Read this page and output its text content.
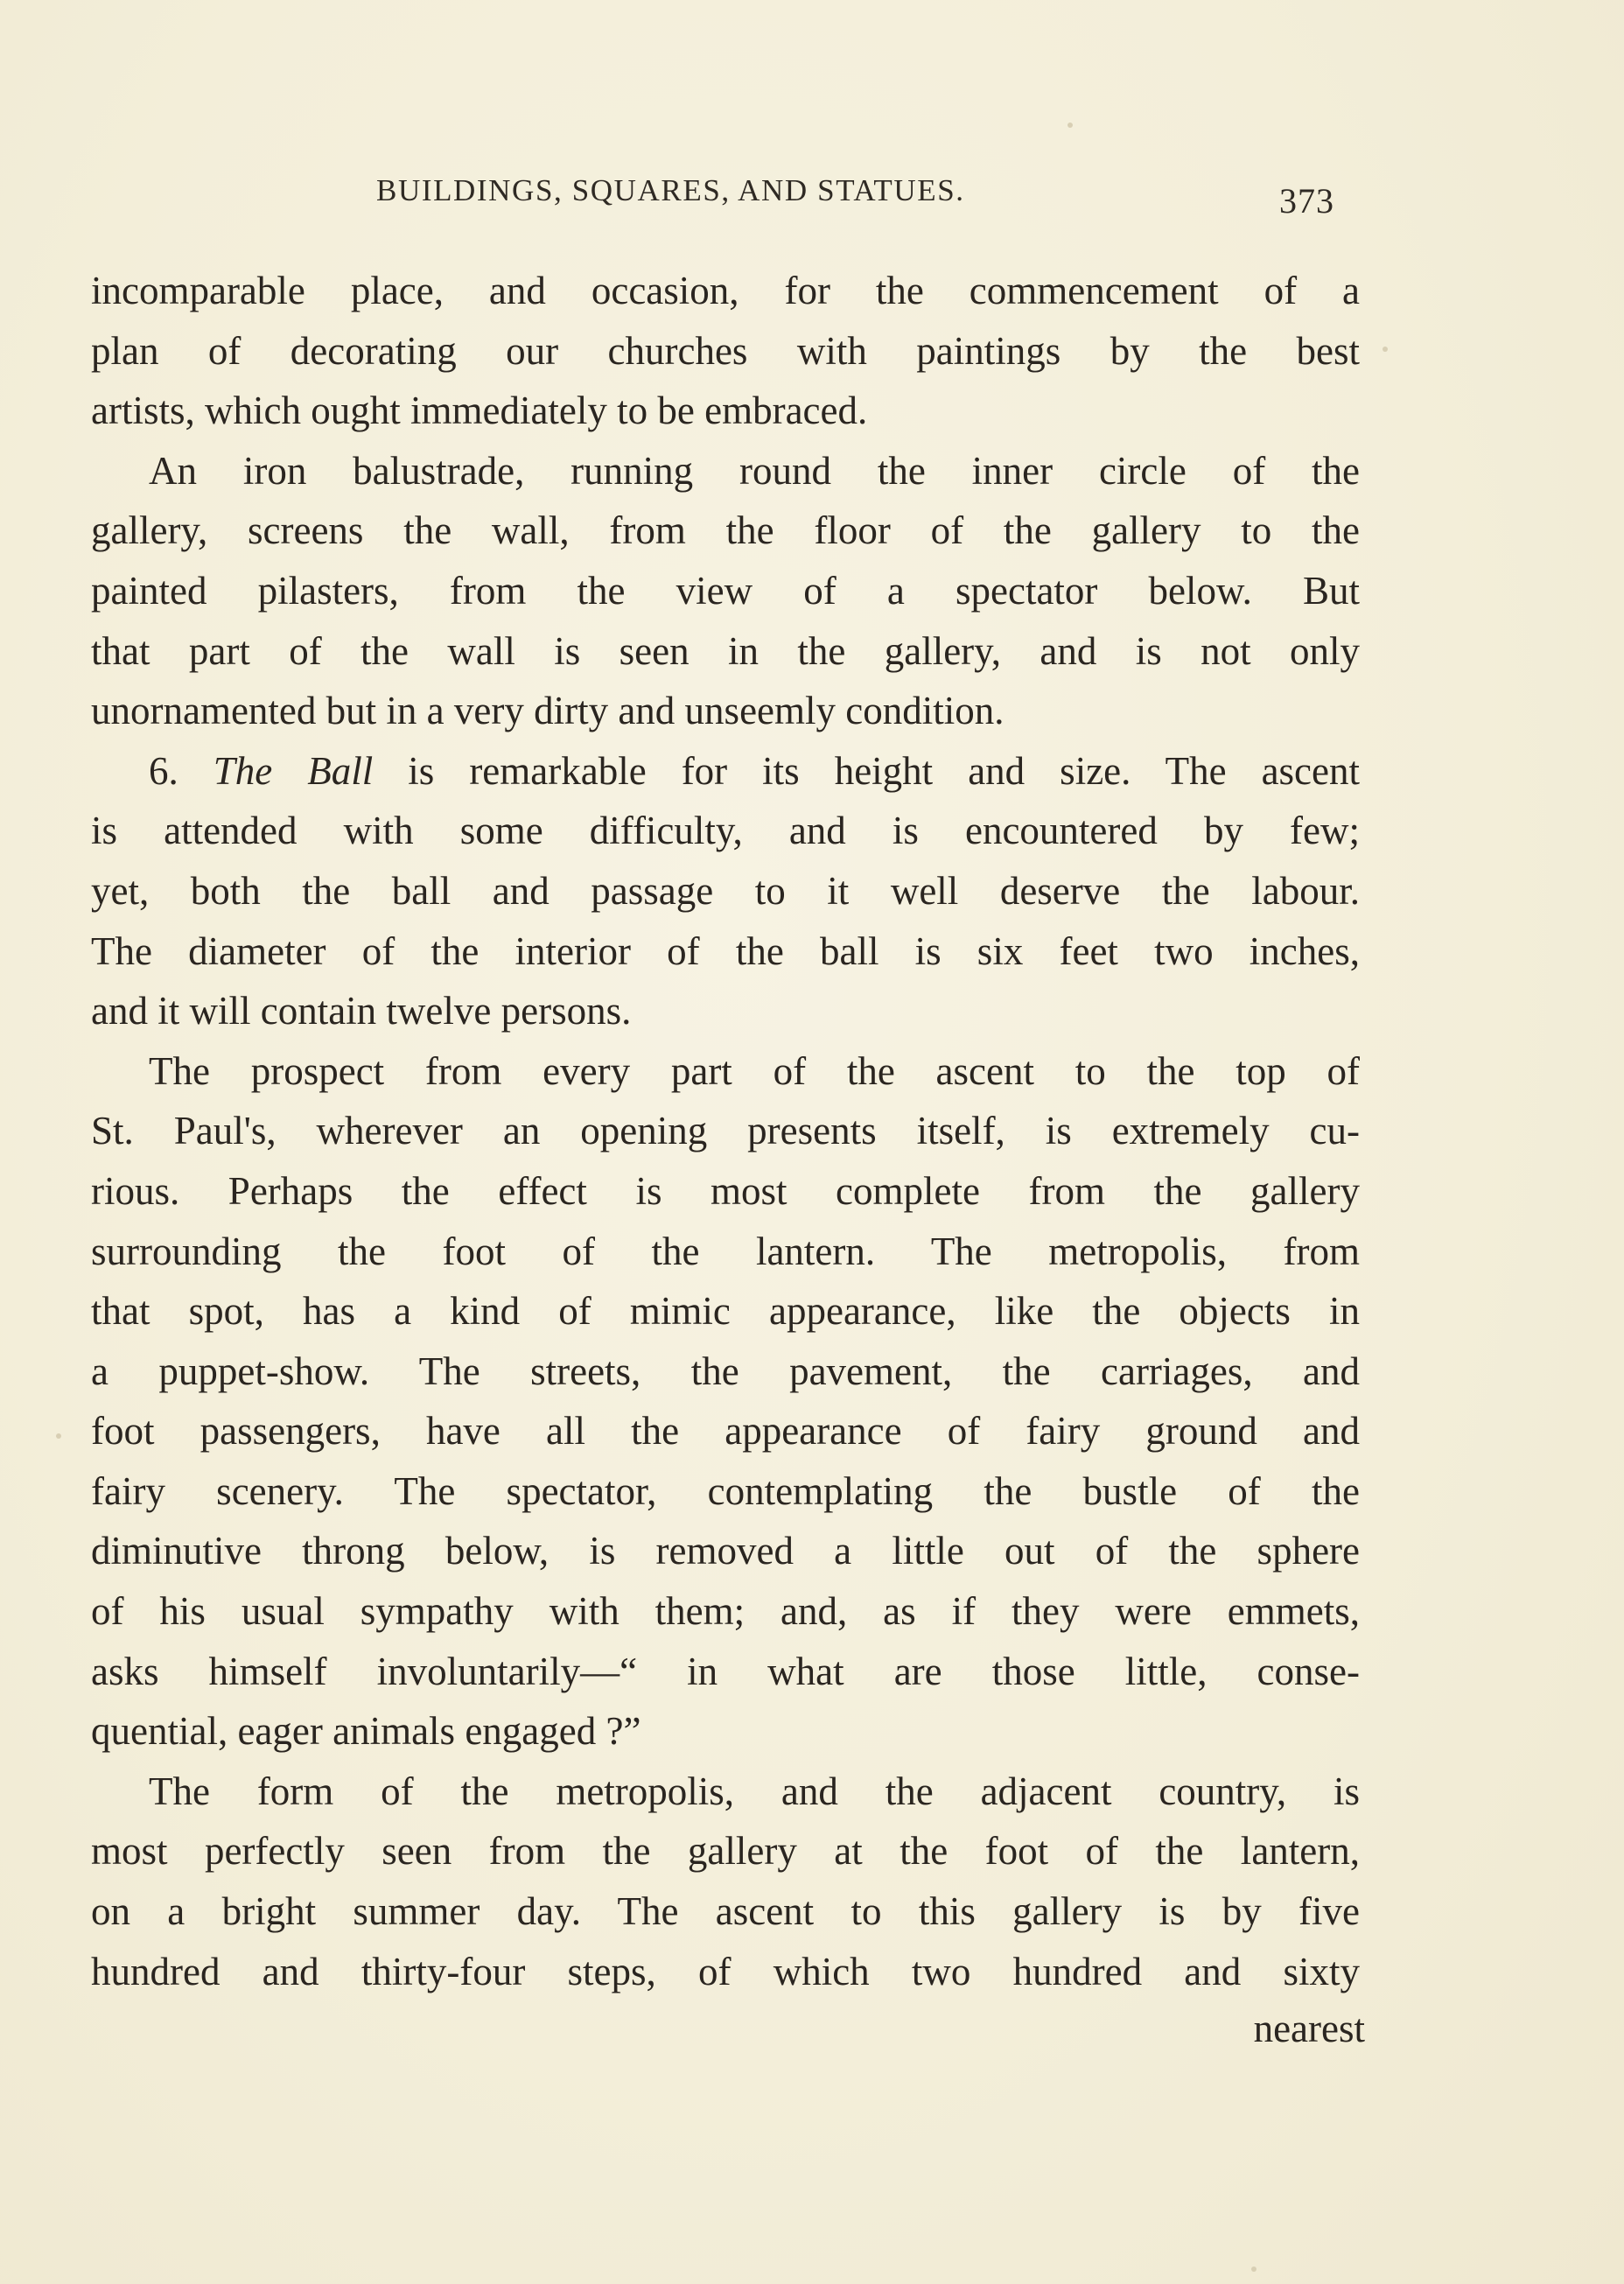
BUILDINGS, SQUARES, AND STATUES.	373
incomparable place, and occasion, for the commencement of a
plan of decorating our churches with paintings by the best
artists, which ought immediately to be embraced.
An iron balustrade, running round the inner circle of the
gallery, screens the wall, from the floor of the gallery to the
painted pilasters, from the view of a spectator below. But
that part of the wall is seen in the gallery, and is not only
unornamented but in a very dirty and unseemly condition.
6. The Ball is remarkable for its height and size. The ascent
is attended with some difficulty, and is encountered by few;
yet, both the ball and passage to it well deserve the labour.
The diameter of the interior of the ball is six feet two inches,
and it will contain twelve persons.
The prospect from every part of the ascent to the top of
St. Paul's, wherever an opening presents itself, is extremely cu-
rious. Perhaps the effect is most complete from the gallery
surrounding the foot of the lantern. The metropolis, from
that spot, has a kind of mimic appearance, like the objects in
a puppet-show. The streets, the pavement, the carriages, and
foot passengers, have all the appearance of fairy ground and
fairy scenery. The spectator, contemplating the bustle of the
diminutive throng below, is removed a little out of the sphere
of his usual sympathy with them; and, as if they were emmets,
asks himself involuntarily—“ in what are those little, conse-
quential, eager animals engaged ?”
The form of the metropolis, and the adjacent country, is
most perfectly seen from the gallery at the foot of the lantern,
on a bright summer day. The ascent to this gallery is by five
hundred and thirty-four steps, of which two hundred and sixty
nearest
